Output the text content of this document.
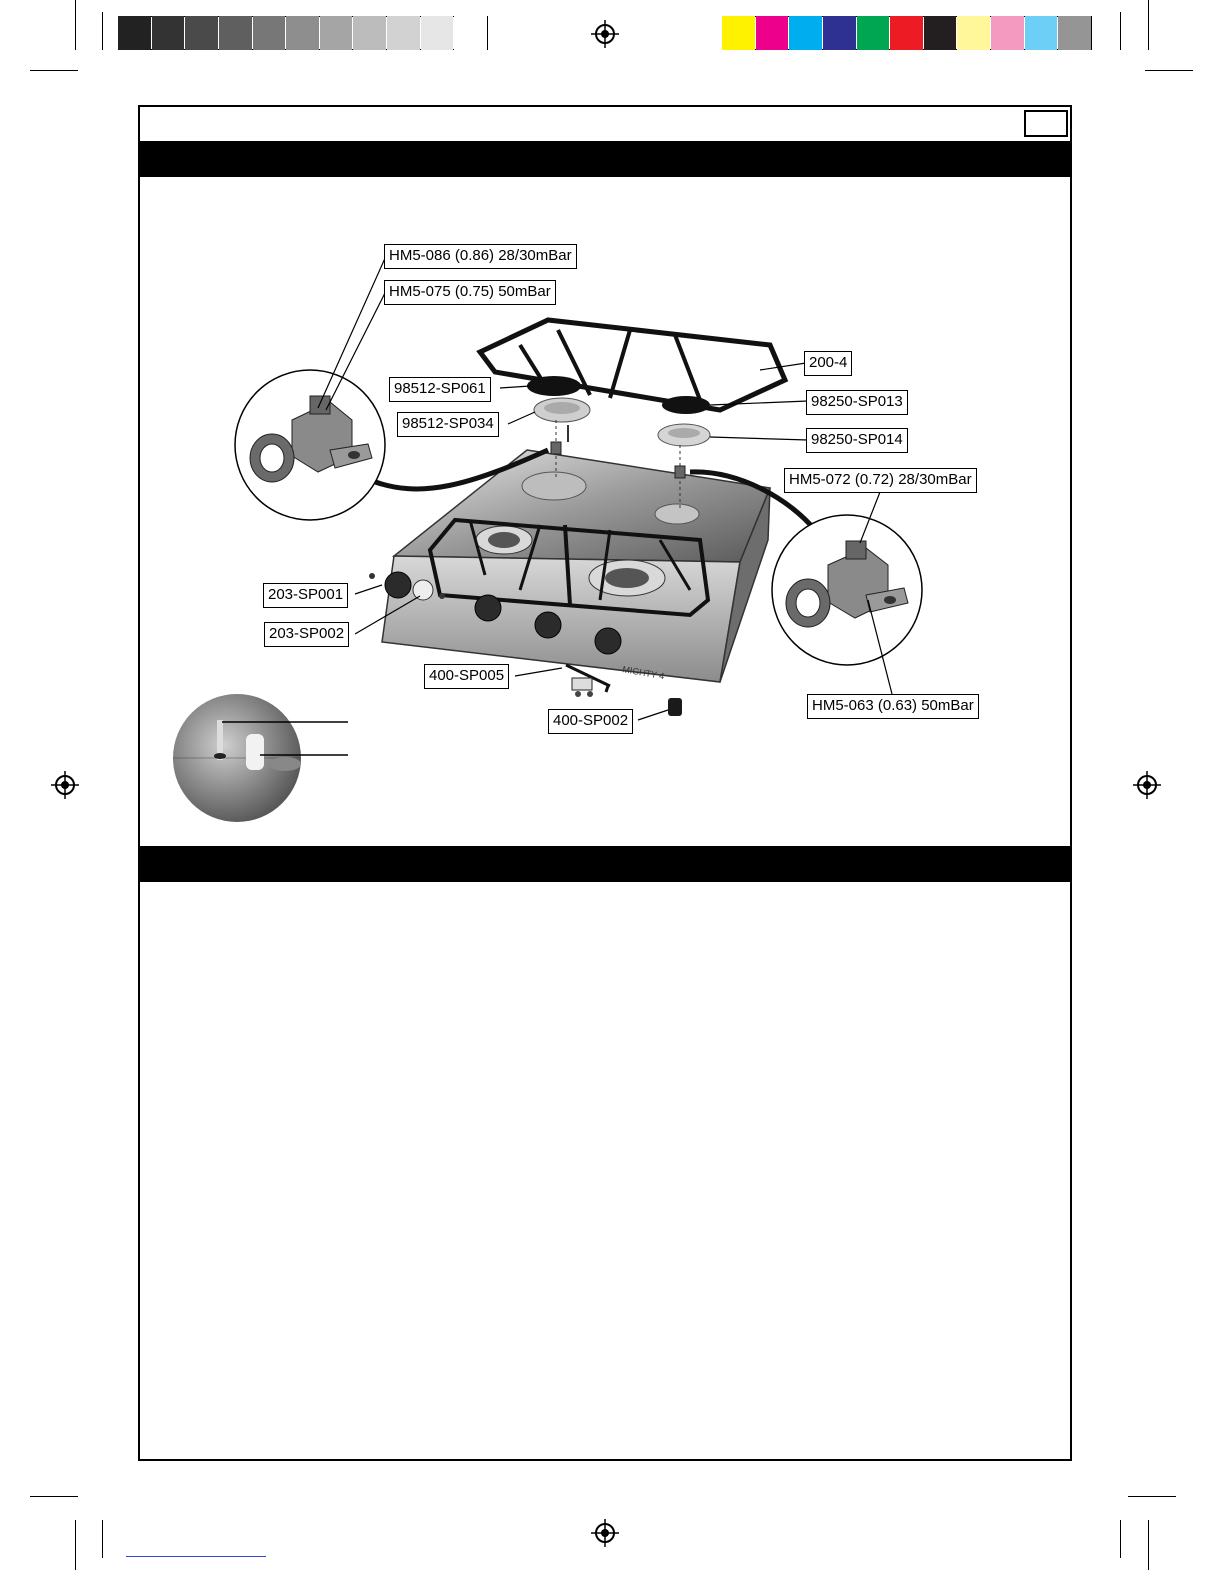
MIGHTY 4
HM5-086 (0.86) 28/30mBar
HM5-075 (0.75) 50mBar
200-4
98512-SP061
98250-SP013
98512-SP034
98250-SP014
HM5-072 (0.72) 28/30mBar
203-SP001
203-SP002
400-SP005
400-SP002
HM5-063 (0.63) 50mBar
